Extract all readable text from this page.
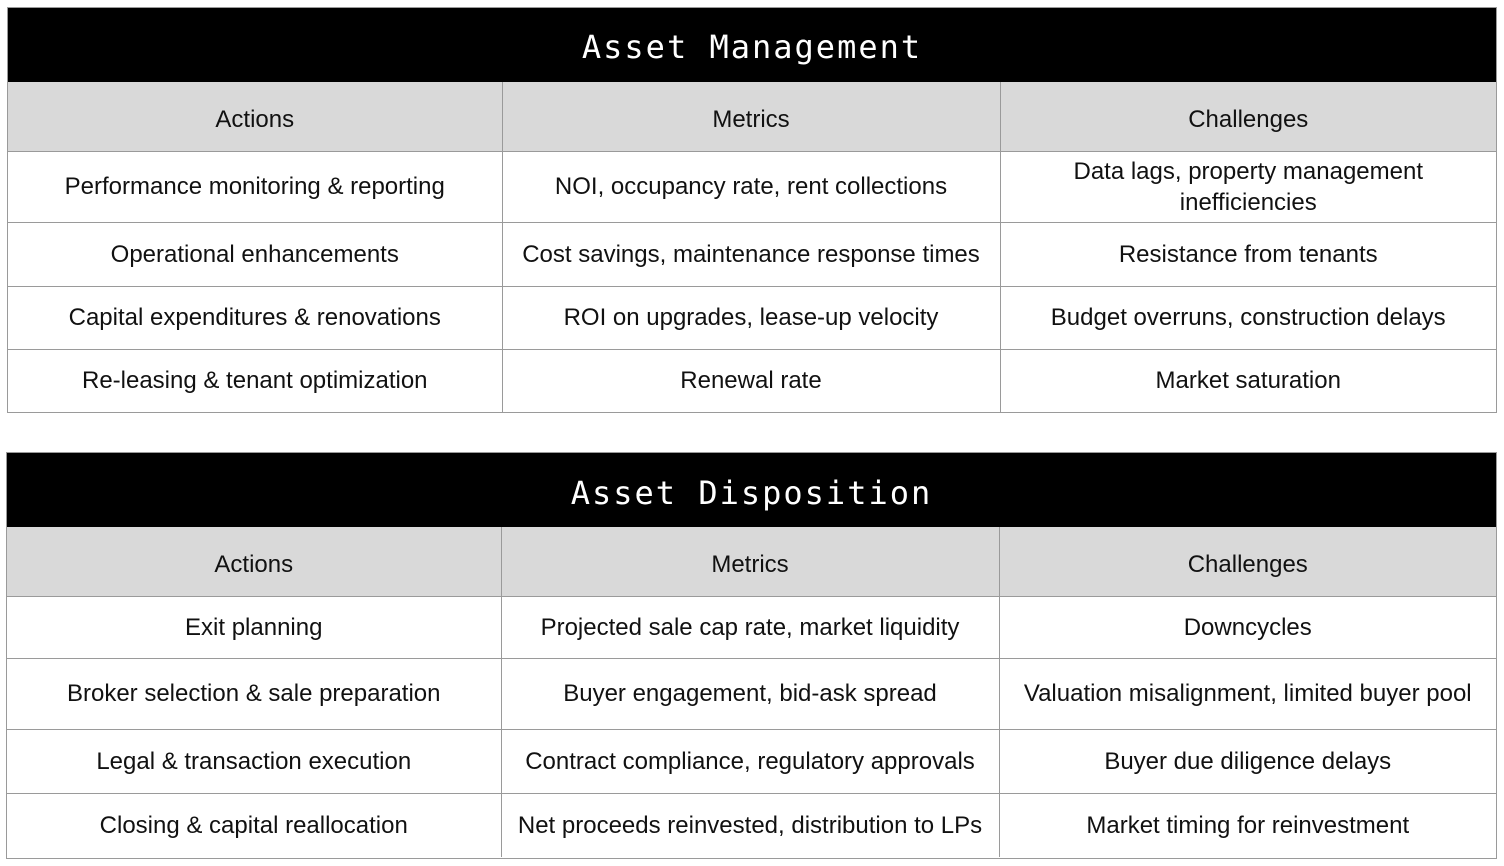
Asset Management
Actions	Metrics	Challenges
Performance monitoring & reporting	NOI, occupancy rate, rent collections	Data lags, property management inefficiencies
Operational enhancements	Cost savings, maintenance response times	Resistance from tenants
Capital expenditures & renovations	ROI on upgrades, lease-up velocity	Budget overruns, construction delays
Re-leasing & tenant optimization	Renewal rate	Market saturation
Asset Disposition
Actions	Metrics	Challenges
Exit planning	Projected sale cap rate, market liquidity	Downcycles
Broker selection & sale preparation	Buyer engagement, bid-ask spread	Valuation misalignment, limited buyer pool
Legal & transaction execution	Contract compliance, regulatory approvals	Buyer due diligence delays
Closing & capital reallocation	Net proceeds reinvested, distribution to LPs	Market timing for reinvestment
